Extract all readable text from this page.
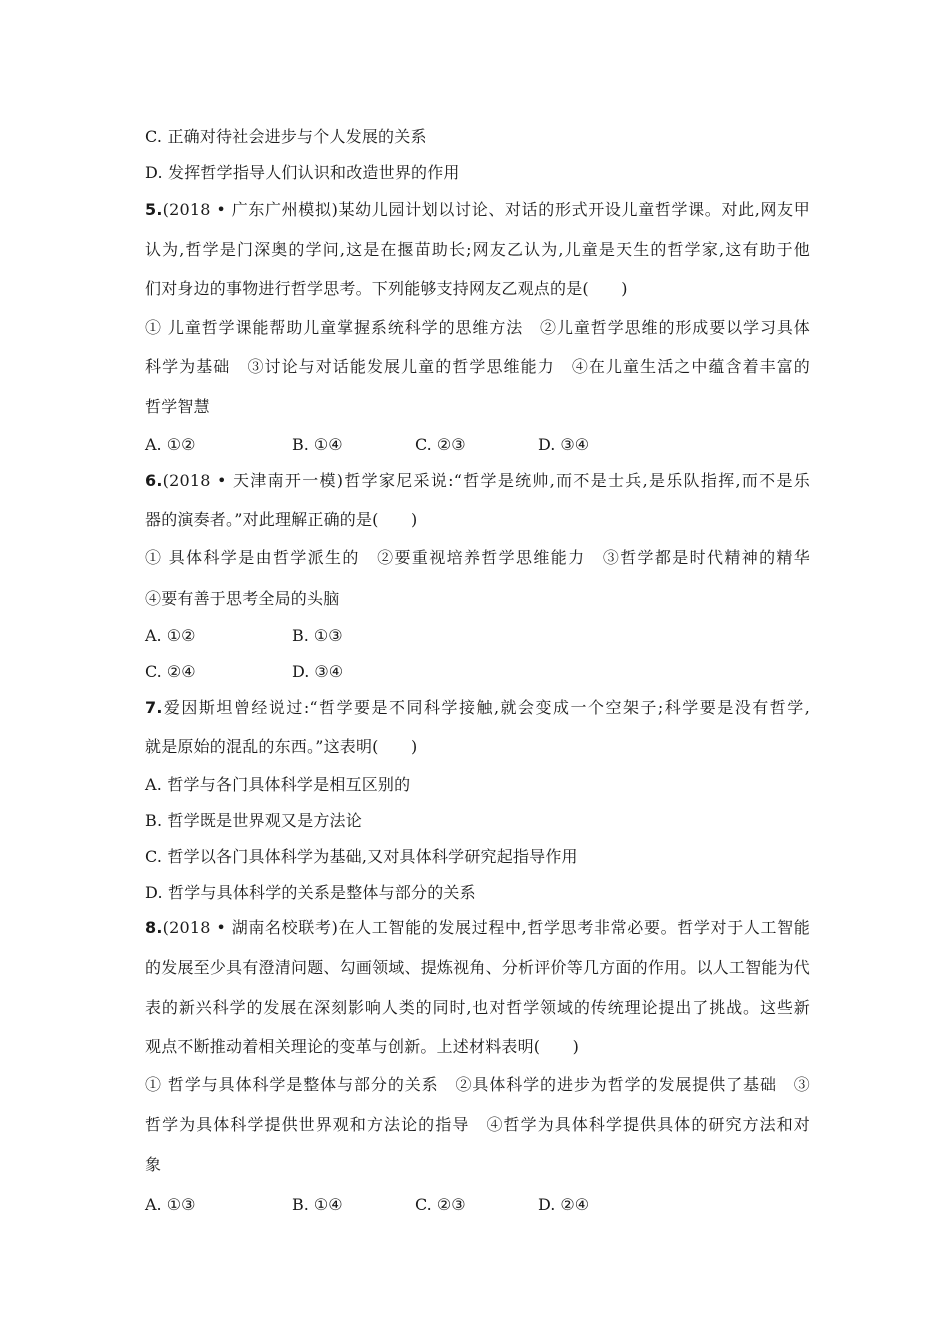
C. 正确对待社会进步与个人发展的关系
D. 发挥哲学指导人们认识和改造世界的作用
5.(2018 • 广东广州模拟)某幼儿园计划以讨论、对话的形式开设儿童哲学课。对此,网友甲
认为,哲学是门深奥的学问,这是在揠苗助长;网友乙认为,儿童是天生的哲学家,这有助于他
们对身边的事物进行哲学思考。下列能够支持网友乙观点的是(　　)
① 儿童哲学课能帮助儿童掌握系统科学的思维方法　②儿童哲学思维的形成要以学习具体
科学为基础　③讨论与对话能发展儿童的哲学思维能力　④在儿童生活之中蕴含着丰富的
哲学智慧
A. ①②	B. ①④	C. ②③	D. ③④
6.(2018 • 天津南开一模)哲学家尼采说:“哲学是统帅,而不是士兵,是乐队指挥,而不是乐
器的演奏者。”对此理解正确的是(　　)
① 具体科学是由哲学派生的　②要重视培养哲学思维能力　③哲学都是时代精神的精华
④要有善于思考全局的头脑
A. ①②	B. ①③
C. ②④	D. ③④
7.爱因斯坦曾经说过:“哲学要是不同科学接触,就会变成一个空架子;科学要是没有哲学,
就是原始的混乱的东西。”这表明(　　)
A. 哲学与各门具体科学是相互区别的
B. 哲学既是世界观又是方法论
C. 哲学以各门具体科学为基础,又对具体科学研究起指导作用
D. 哲学与具体科学的关系是整体与部分的关系
8.(2018 • 湖南名校联考)在人工智能的发展过程中,哲学思考非常必要。哲学对于人工智能
的发展至少具有澄清问题、勾画领域、提炼视角、分析评价等几方面的作用。以人工智能为代
表的新兴科学的发展在深刻影响人类的同时,也对哲学领域的传统理论提出了挑战。这些新
观点不断推动着相关理论的变革与创新。上述材料表明(　　)
① 哲学与具体科学是整体与部分的关系　②具体科学的进步为哲学的发展提供了基础　③
哲学为具体科学提供世界观和方法论的指导　④哲学为具体科学提供具体的研究方法和对
象
A. ①③	B. ①④	C. ②③	D. ②④
